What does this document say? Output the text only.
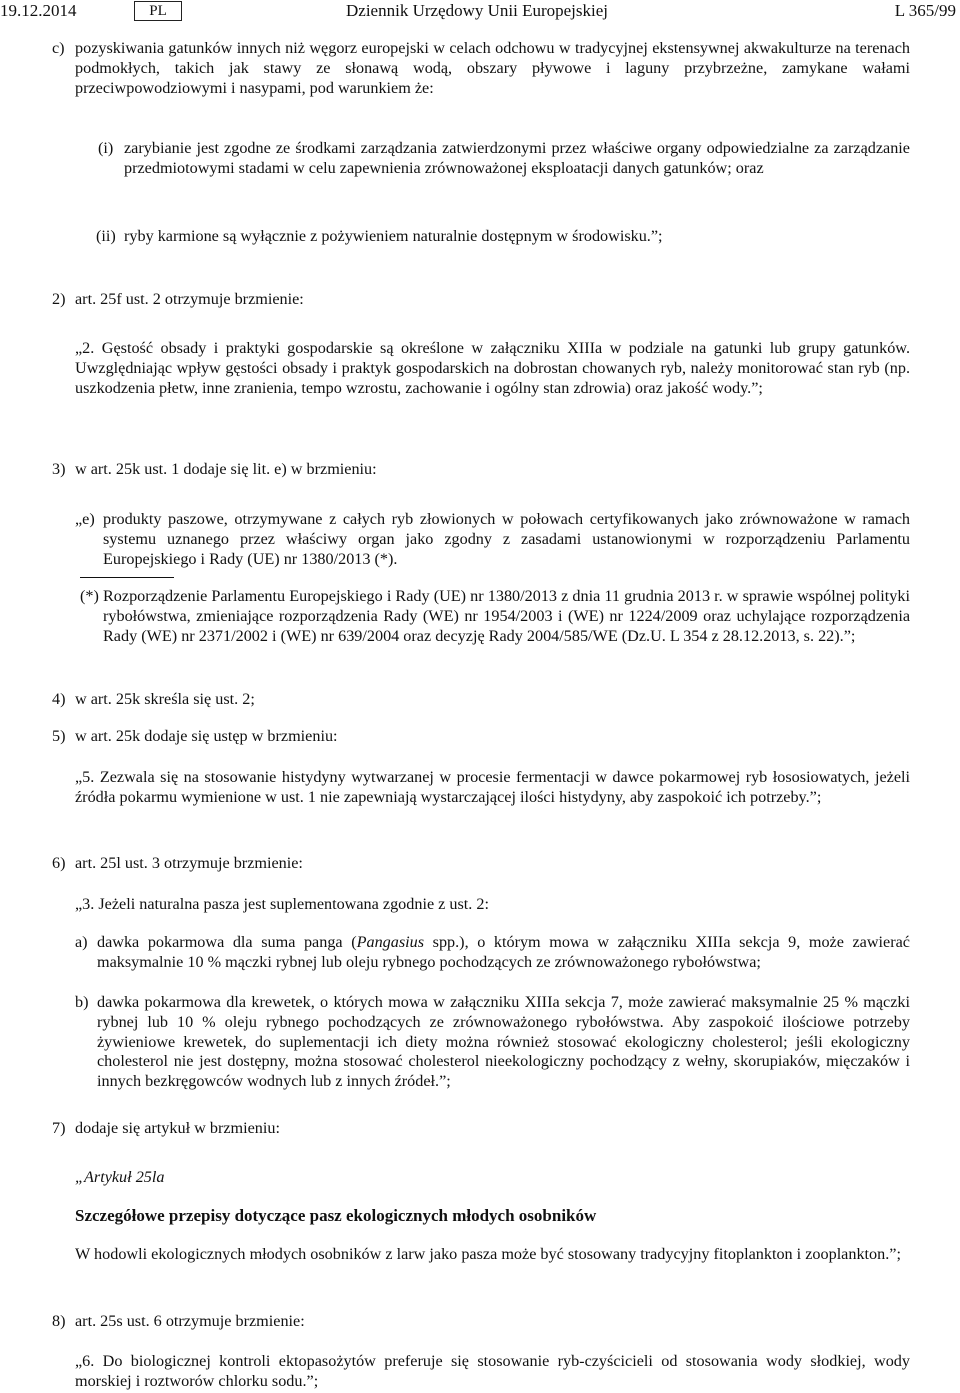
19.12.2014	PL	Dziennik Urzędowy Unii Europejskiej	L 365/99
c) pozyskiwania gatunków innych niż węgorz europejski w celach odchowu w tradycyjnej ekstensywnej akwakulturze na terenach podmokłych, takich jak stawy ze słonawą wodą, obszary pływowe i laguny przybrzeżne, zamykane wałami przeciwpowodziowymi i nasypami, pod warunkiem że:
(i) zarybianie jest zgodne ze środkami zarządzania zatwierdzonymi przez właściwe organy odpowiedzialne za zarządzanie przedmiotowymi stadami w celu zapewnienia zrównoważonej eksploatacji danych gatunków; oraz
(ii) ryby karmione są wyłącznie z pożywieniem naturalnie dostępnym w środowisku.”;
2) art. 25f ust. 2 otrzymuje brzmienie:
„2. Gęstość obsady i praktyki gospodarskie są określone w załączniku XIIIa w podziale na gatunki lub grupy gatunków. Uwzględniając wpływ gęstości obsady i praktyk gospodarskich na dobrostan chowanych ryb, należy monitorować stan ryb (np. uszkodzenia płetw, inne zranienia, tempo wzrostu, zachowanie i ogólny stan zdrowia) oraz jakość wody.”;
3) w art. 25k ust. 1 dodaje się lit. e) w brzmieniu:
„e) produkty paszowe, otrzymywane z całych ryb złowionych w połowach certyfikowanych jako zrównoważone w ramach systemu uznanego przez właściwy organ jako zgodny z zasadami ustanowionymi w rozporządzeniu Parlamentu Europejskiego i Rady (UE) nr 1380/2013 (*).
(*) Rozporządzenie Parlamentu Europejskiego i Rady (UE) nr 1380/2013 z dnia 11 grudnia 2013 r. w sprawie wspólnej polityki rybołówstwa, zmieniające rozporządzenia Rady (WE) nr 1954/2003 i (WE) nr 1224/2009 oraz uchylające rozporządzenia Rady (WE) nr 2371/2002 i (WE) nr 639/2004 oraz decyzję Rady 2004/585/WE (Dz.U. L 354 z 28.12.2013, s. 22).”;
4) w art. 25k skreśla się ust. 2;
5) w art. 25k dodaje się ustęp w brzmieniu:
„5. Zezwala się na stosowanie histydyny wytwarzanej w procesie fermentacji w dawce pokarmowej ryb łososiowatych, jeżeli źródła pokarmu wymienione w ust. 1 nie zapewniają wystarczającej ilości histydyny, aby zaspokoić ich potrzeby.”;
6) art. 25l ust. 3 otrzymuje brzmienie:
„3. Jeżeli naturalna pasza jest suplementowana zgodnie z ust. 2:
a) dawka pokarmowa dla suma panga (Pangasius spp.), o którym mowa w załączniku XIIIa sekcja 9, może zawierać maksymalnie 10 % mączki rybnej lub oleju rybnego pochodzących ze zrównoważonego rybołówstwa;
b) dawka pokarmowa dla krewetek, o których mowa w załączniku XIIIa sekcja 7, może zawierać maksymalnie 25 % mączki rybnej lub 10 % oleju rybnego pochodzących ze zrównoważonego rybołówstwa. Aby zaspokoić ilościowe potrzeby żywieniowe krewetek, do suplementacji ich diety można również stosować ekologiczny cholesterol; jeśli ekologiczny cholesterol nie jest dostępny, można stosować cholesterol nieekologiczny pochodzący z wełny, skorupiaków, mięczaków i innych bezkręgowców wodnych lub z innych źródeł.”;
7) dodaje się artykuł w brzmieniu:
„Artykuł 25la
Szczegółowe przepisy dotyczące pasz ekologicznych młodych osobników
W hodowli ekologicznych młodych osobników z larw jako pasza może być stosowany tradycyjny fitoplankton i zooplankton.”;
8) art. 25s ust. 6 otrzymuje brzmienie:
„6. Do biologicznej kontroli ektopasożytów preferuje się stosowanie ryb-czyścicieli od stosowania wody słodkiej, wody morskiej i roztworów chlorku sodu.”;
